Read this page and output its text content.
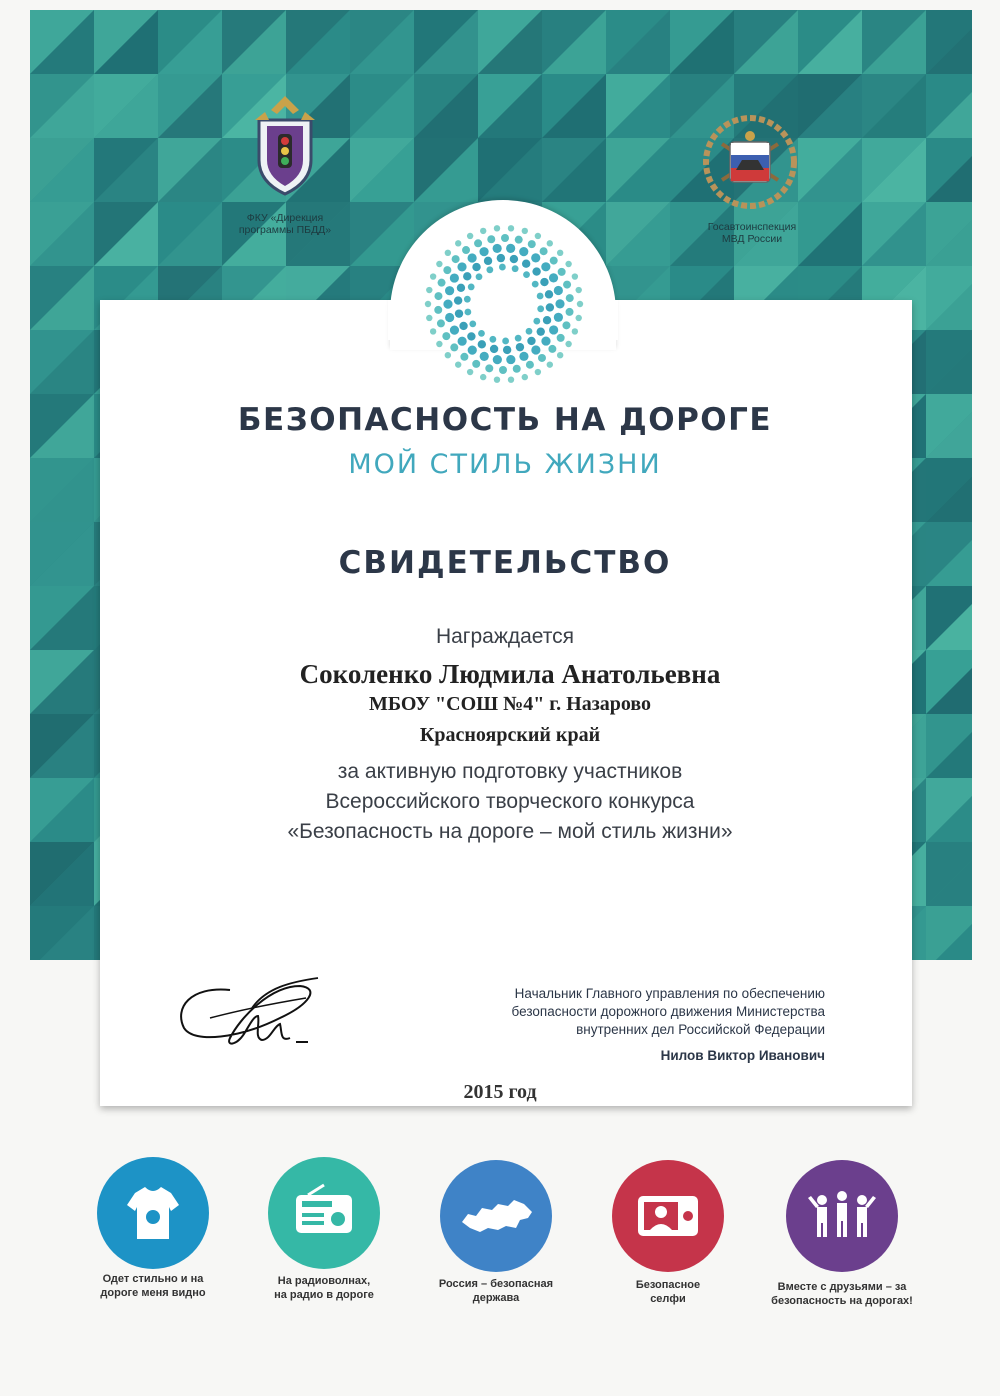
ФКУ «Дирекция
программы ПБДД»	Госавтоинспекция
МВД России
БЕЗОПАСНОСТЬ НА ДОРОГЕ
МОЙ СТИЛЬ ЖИЗНИ
СВИДЕТЕЛЬСТВО
Награждается
Соколенко Людмила Анатольевна
МБОУ "СОШ №4" г. Назарово
Красноярский край
за активную подготовку участников
Всероссийского творческого конкурса
«Безопасность на дороге – мой стиль жизни»
Начальник Главного управления по обеспечению
безопасности дорожного движения Министерства
внутренних дел Российской Федерации
Нилов Виктор Иванович
2015 год
Одет стильно и на
дороге меня видно
На радиоволнах,
на радио в дороге
Россия – безопасная
держава
Безопасное
селфи
Вместе с друзьями – за
безопасность на дорогах!
